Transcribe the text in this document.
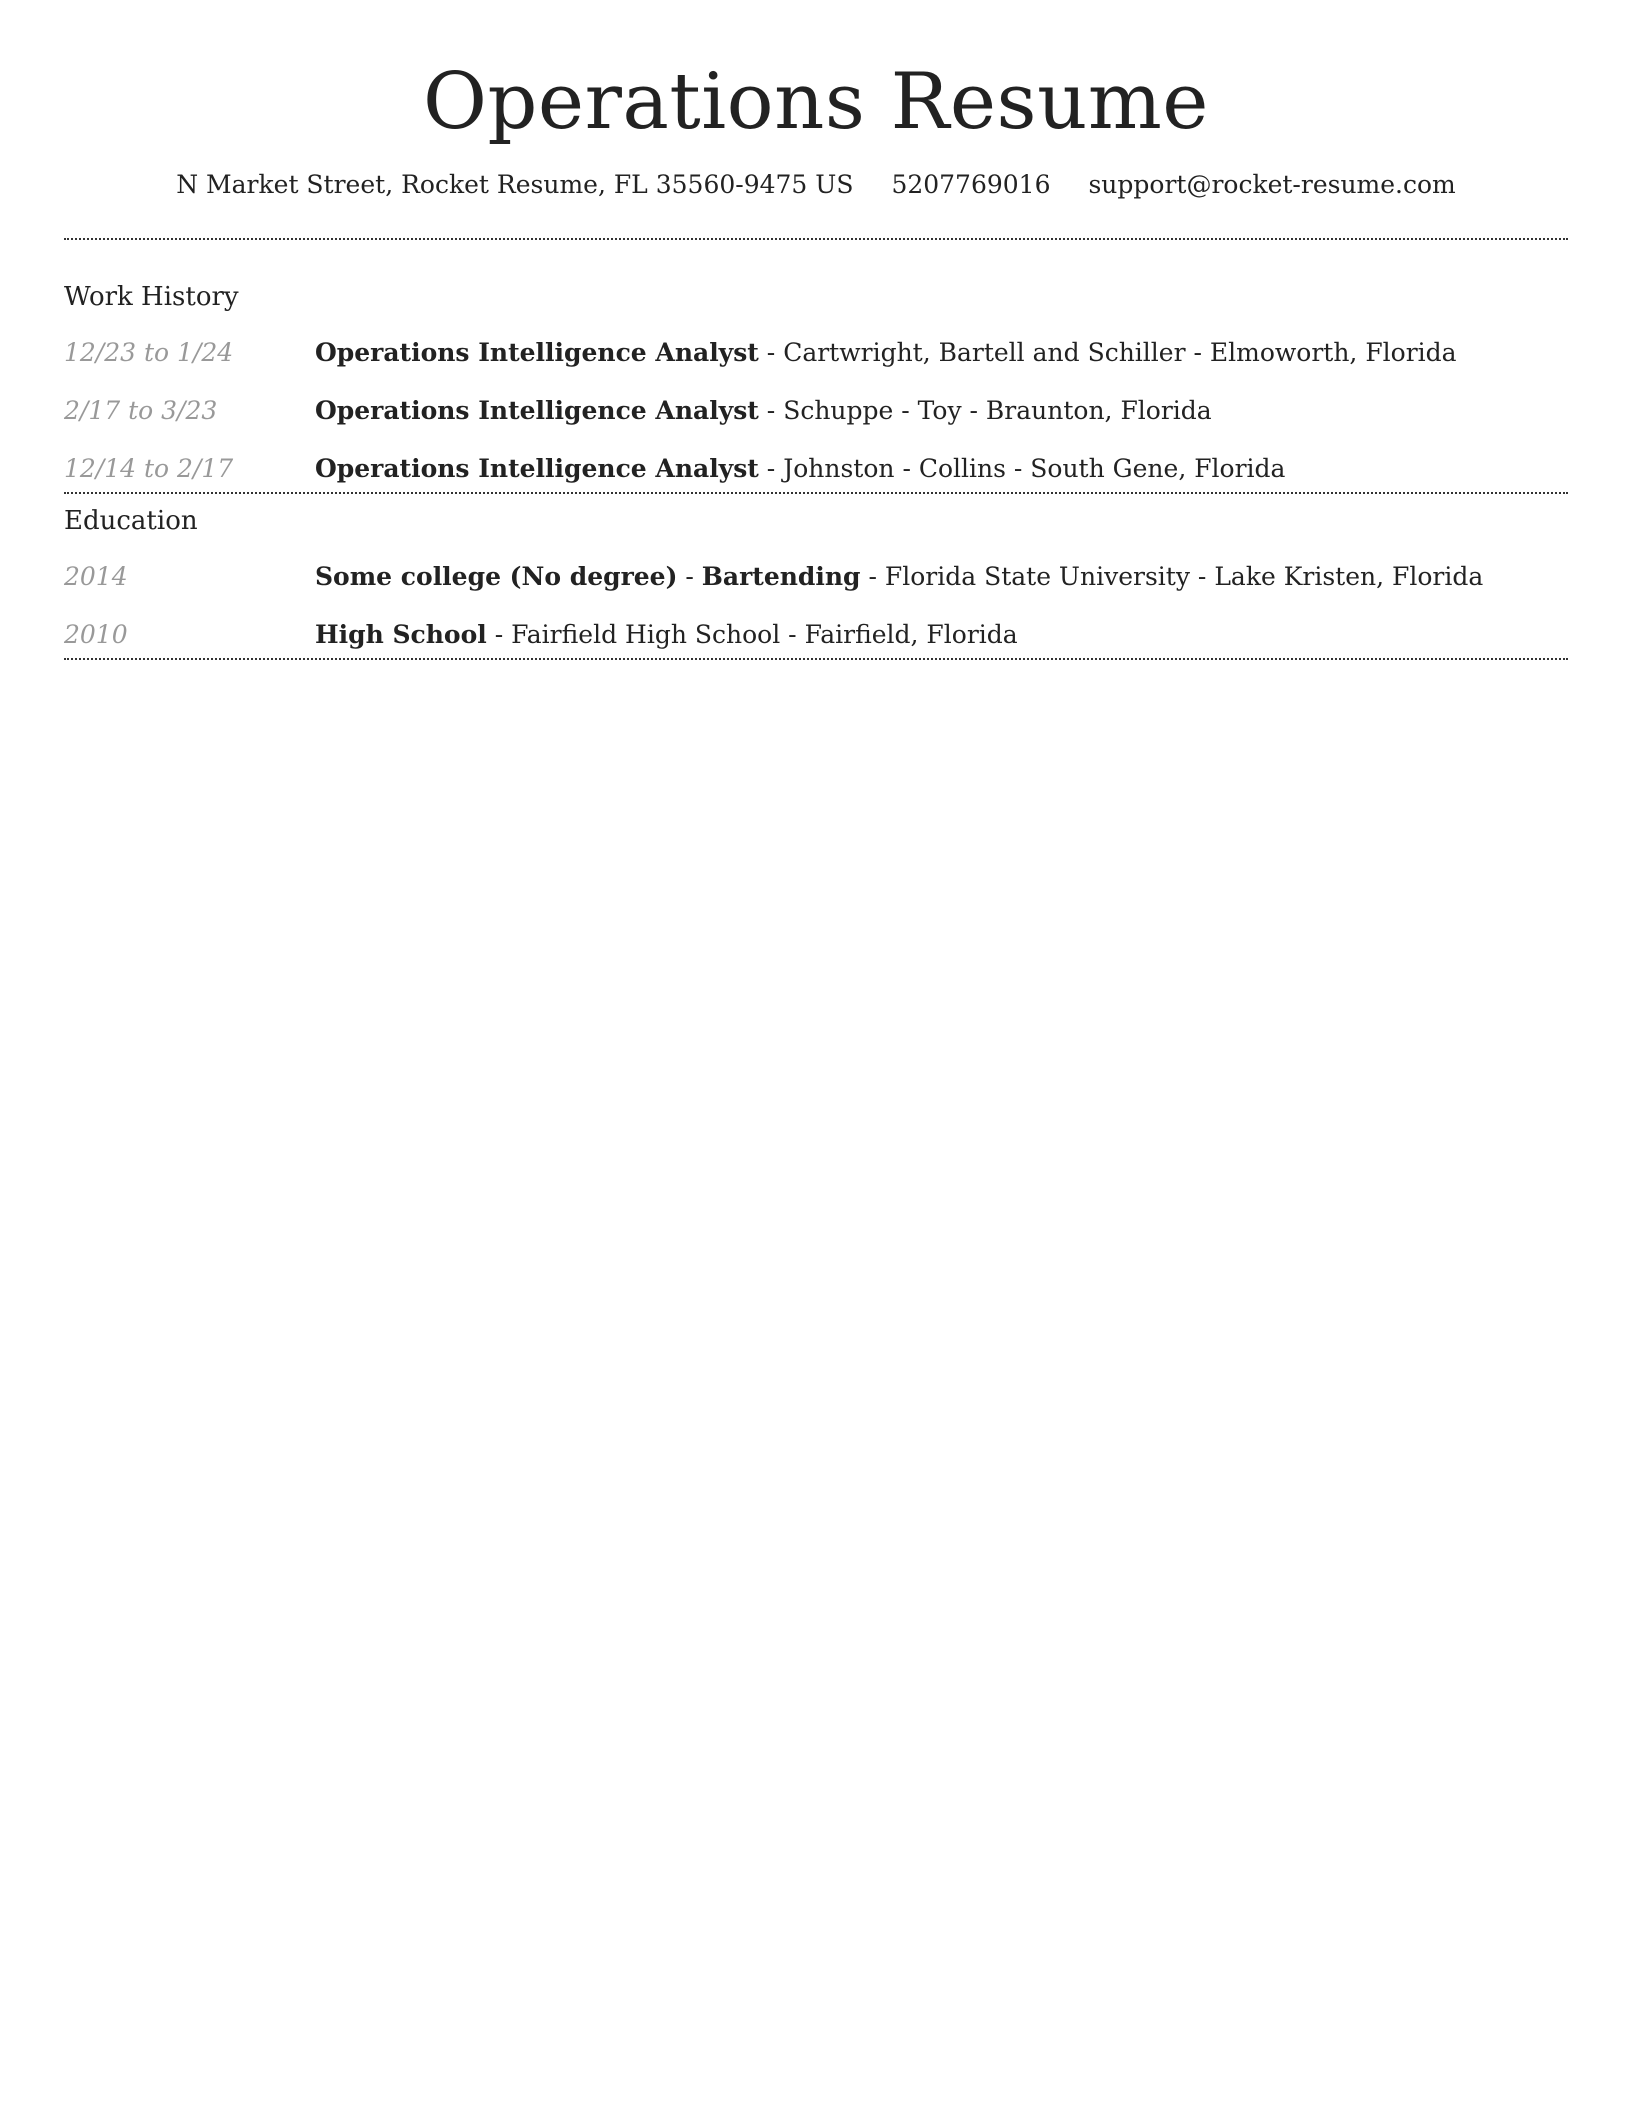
Operations Resume
N Market Street, Rocket Resume, FL 35560-9475 US 5207769016 support@rocket-resume.com
Work History
12/23 to 1/24	Operations Intelligence Analyst - Cartwright, Bartell and Schiller - Elmoworth, Florida
2/17 to 3/23	Operations Intelligence Analyst - Schuppe - Toy - Braunton, Florida
12/14 to 2/17	Operations Intelligence Analyst - Johnston - Collins - South Gene, Florida
Education
2014	Some college (No degree) - Bartending - Florida State University - Lake Kristen, Florida
2010	High School - Fairfield High School - Fairfield, Florida
